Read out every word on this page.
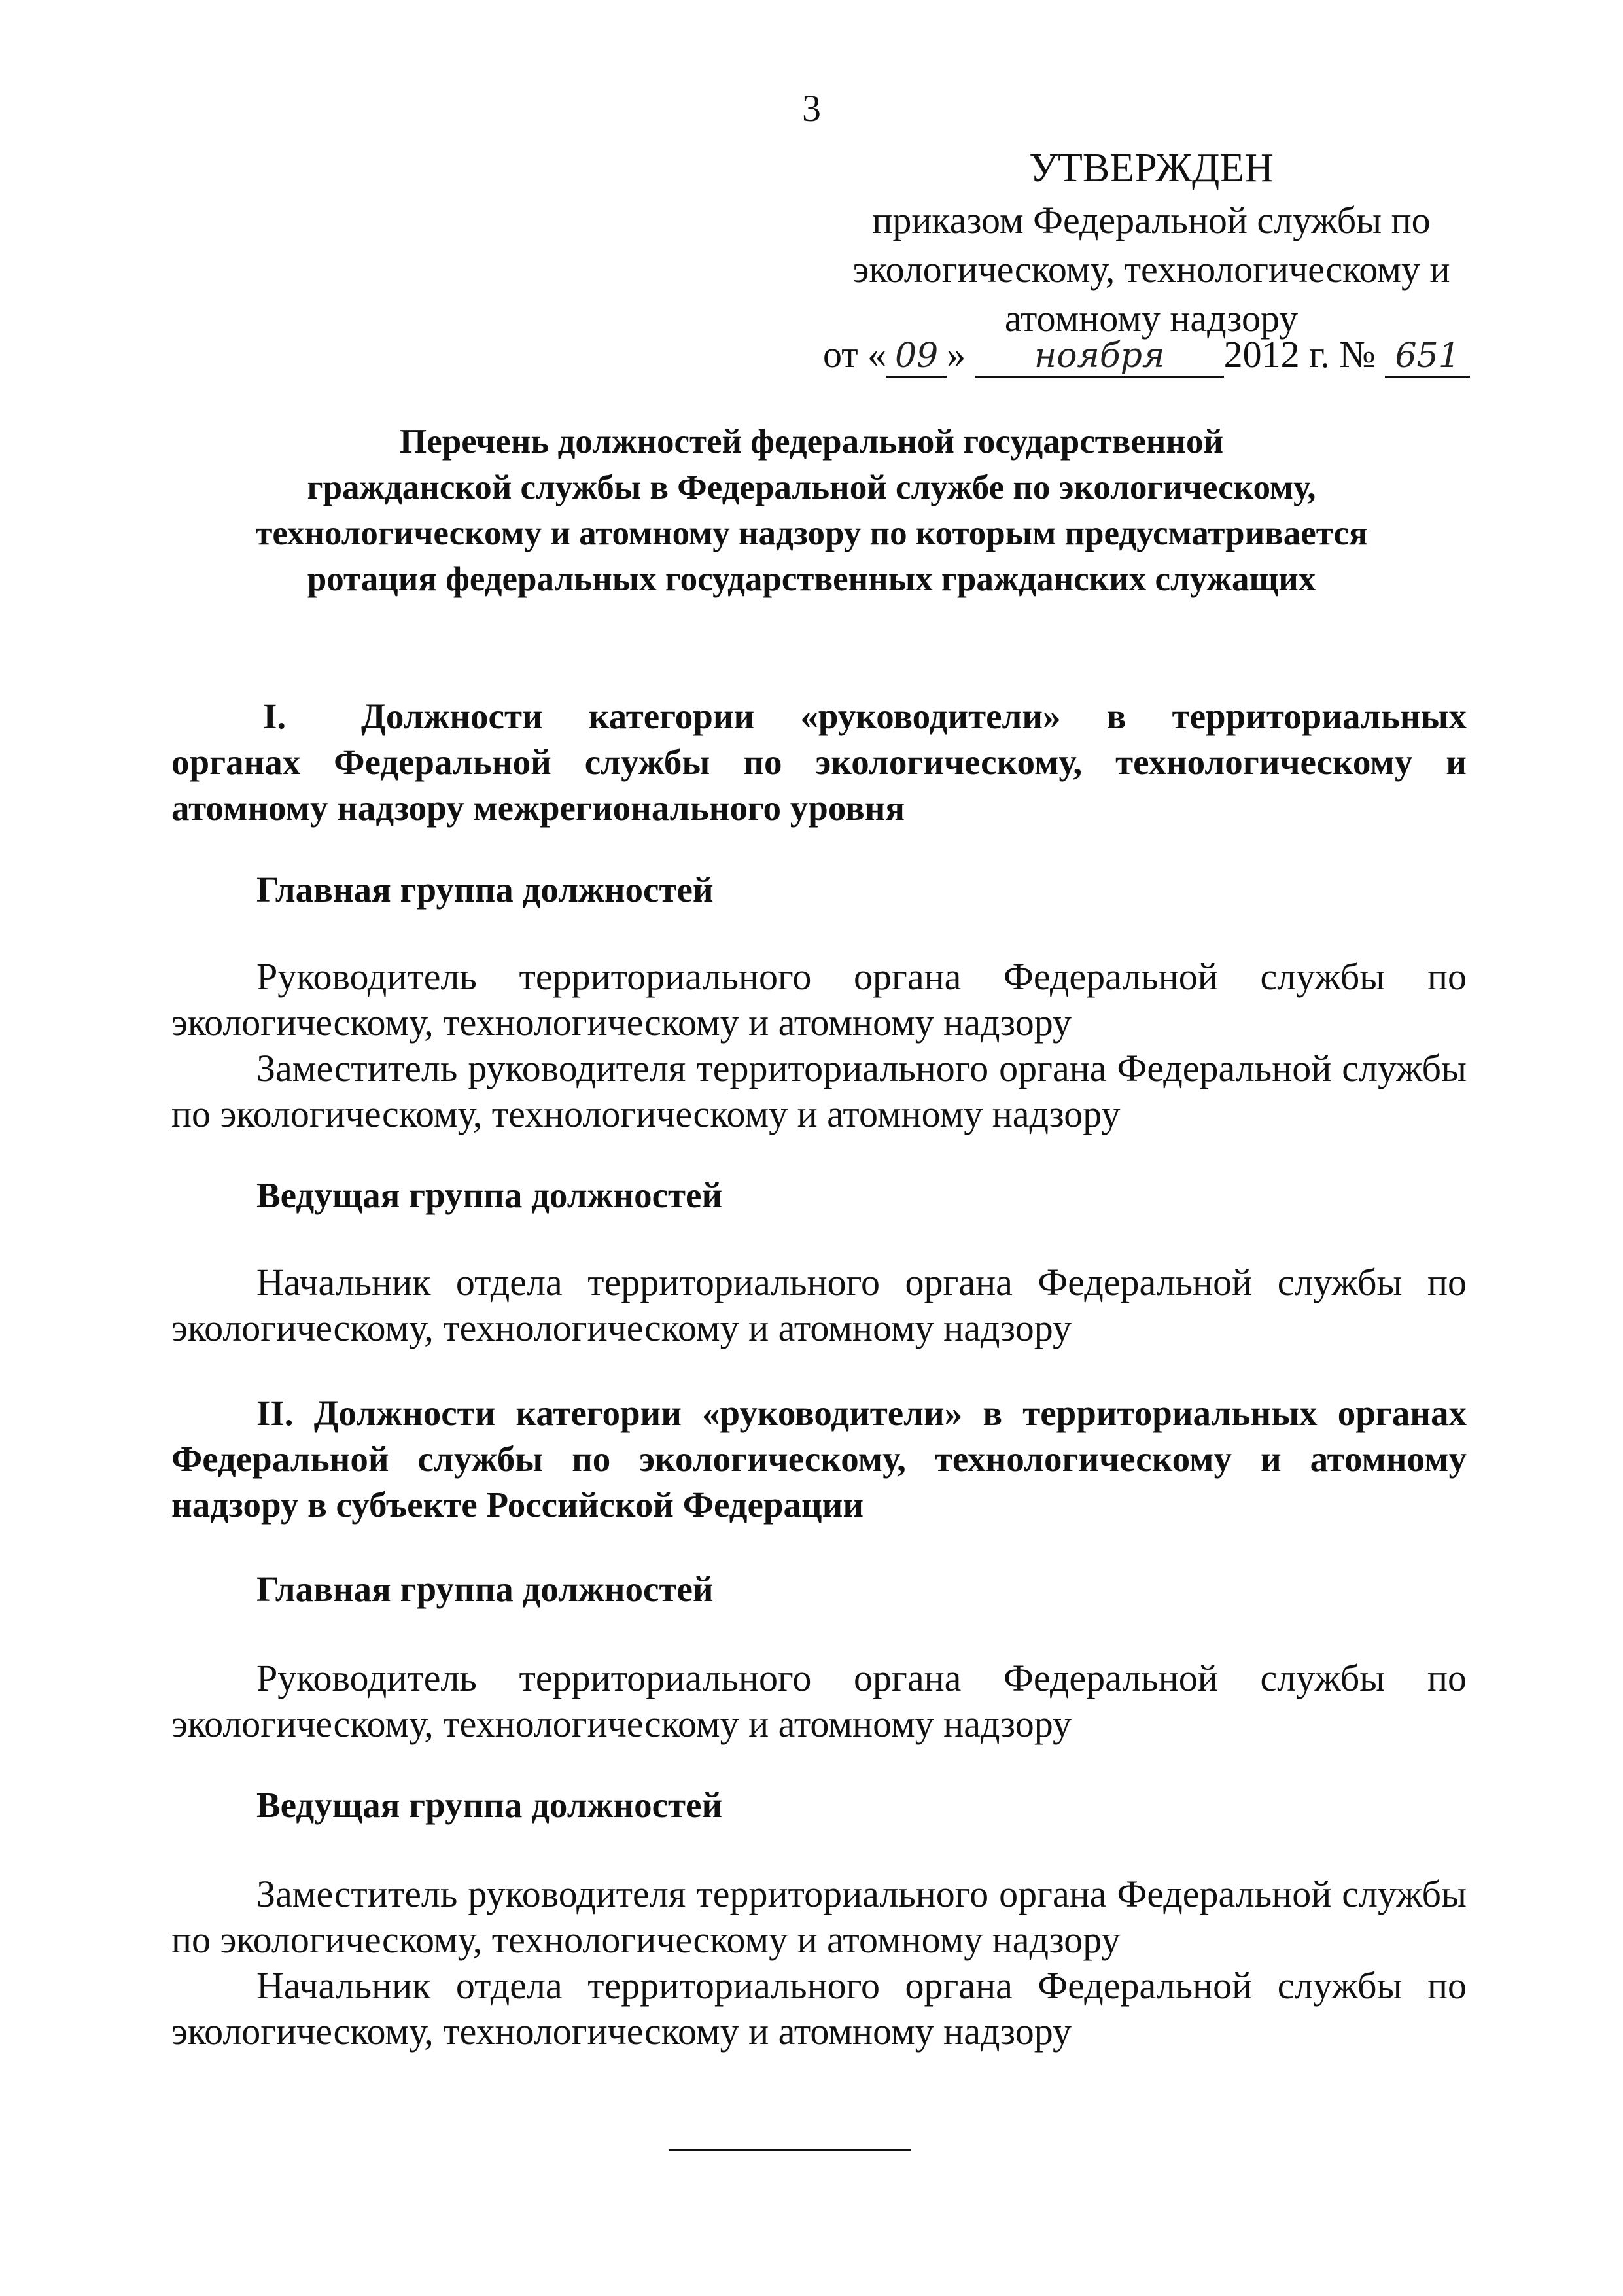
3
УТВЕРЖДЕН
приказом Федеральной службы по
экологическому, технологическому и
атомному надзору
от « 09 » ноября 2012 г. № 651
Перечень должностей федеральной государственной
гражданской службы в Федеральной службе по экологическому,
технологическому и атомному надзору по которым предусматривается
ротация федеральных государственных гражданских служащих
I. Должности категории «руководители» в территориальных
органах Федеральной службы по экологическому, технологическому и атомному надзору межрегионального уровня
Главная группа должностей
Руководитель территориального органа Федеральной службы по экологическому, технологическому и атомному надзору
Заместитель руководителя территориального органа Федеральной службы по экологическому, технологическому и атомному надзору
Ведущая группа должностей
Начальник отдела территориального органа Федеральной службы по экологическому, технологическому и атомному надзору
II. Должности категории «руководители» в территориальных органах Федеральной службы по экологическому, технологическому и атомному надзору в субъекте Российской Федерации
Главная группа должностей
Руководитель территориального органа Федеральной службы по экологическому, технологическому и атомному надзору
Ведущая группа должностей
Заместитель руководителя территориального органа Федеральной службы по экологическому, технологическому и атомному надзору
Начальник отдела территориального органа Федеральной службы по экологическому, технологическому и атомному надзору
